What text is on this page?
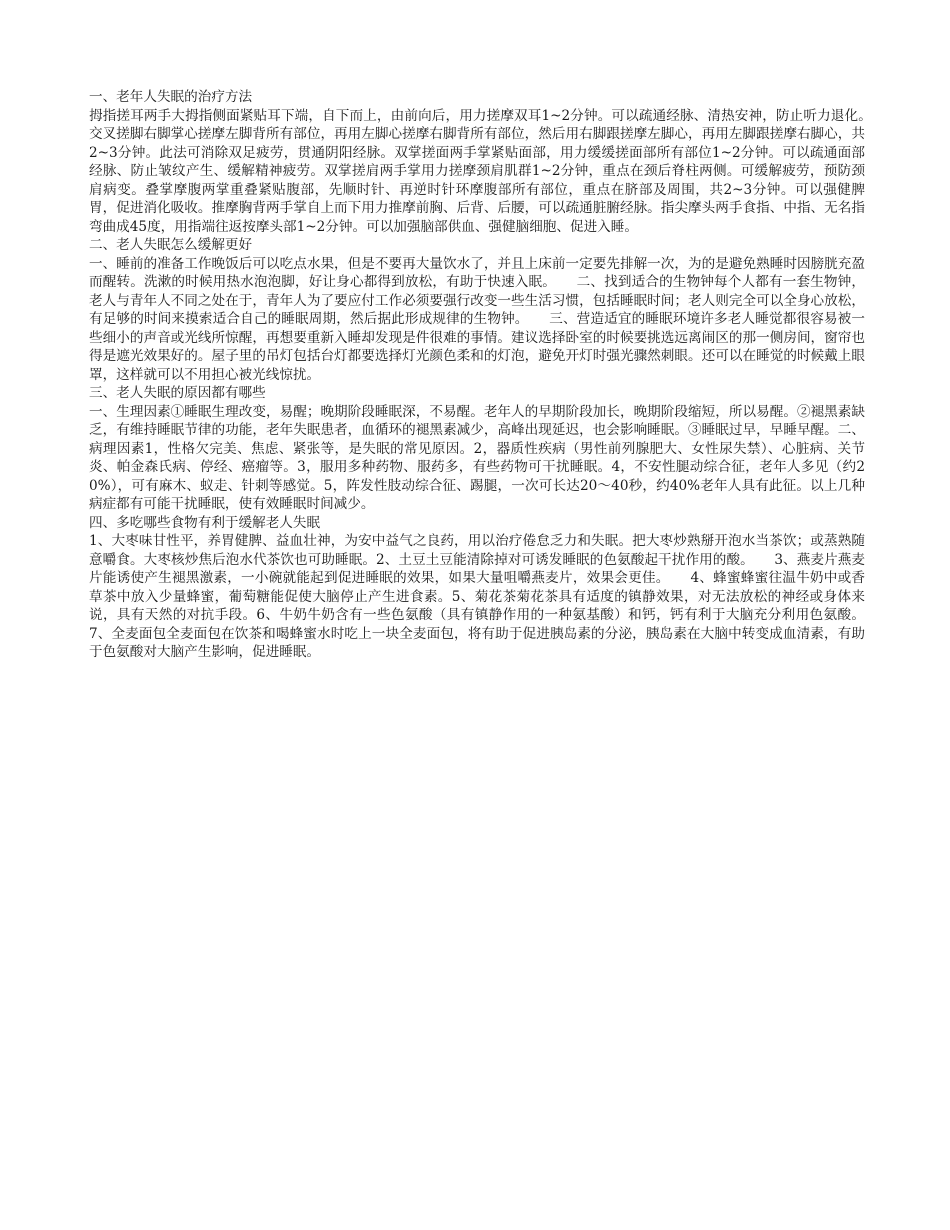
一、老年人失眠的治疗方法

拇指搓耳两手大拇指侧面紧贴耳下端，自下而上，由前向后，用力搓摩双耳1~2分钟。可以疏通经脉、清热安神，防止听力退化。　　交叉搓脚右脚掌心搓摩左脚背所有部位，再用左脚心搓摩右脚背所有部位，然后用右脚跟搓摩左脚心，再用左脚跟搓摩右脚心，共2~3分钟。此法可消除双足疲劳，贯通阴阳经脉。双掌搓面两手掌紧贴面部，用力缓缓搓面部所有部位1~2分钟。可以疏通面部经脉、防止皱纹产生、缓解精神疲劳。双掌搓肩两手掌用力搓摩颈肩肌群1~2分钟，重点在颈后脊柱两侧。可缓解疲劳，预防颈肩病变。叠掌摩腹两掌重叠紧贴腹部，先顺时针、再逆时针环摩腹部所有部位，重点在脐部及周围，共2~3分钟。可以强健脾胃，促进消化吸收。推摩胸背两手掌自上而下用力推摩前胸、后背、后腰，可以疏通脏腑经脉。指尖摩头两手食指、中指、无名指弯曲成45度，用指端往返按摩头部1~2分钟。可以加强脑部供血、强健脑细胞、促进入睡。

二、老人失眠怎么缓解更好

一、睡前的准备工作晚饭后可以吃点水果，但是不要再大量饮水了，并且上床前一定要先排解一次，为的是避免熟睡时因膀胱充盈而醒转。洗漱的时候用热水泡泡脚，好让身心都得到放松，有助于快速入眠。　　二、找到适合的生物钟每个人都有一套生物钟，老人与青年人不同之处在于，青年人为了要应付工作必须要强行改变一些生活习惯，包括睡眠时间；老人则完全可以全身心放松，有足够的时间来摸索适合自己的睡眠周期，然后据此形成规律的生物钟。　　三、营造适宜的睡眠环境许多老人睡觉都很容易被一些细小的声音或光线所惊醒，再想要重新入睡却发现是件很难的事情。建议选择卧室的时候要挑选远离闹区的那一侧房间，窗帘也得是遮光效果好的。屋子里的吊灯包括台灯都要选择灯光颜色柔和的灯泡，避免开灯时强光骤然刺眼。还可以在睡觉的时候戴上眼罩，这样就可以不用担心被光线惊扰。

三、老人失眠的原因都有哪些

一、生理因素①睡眠生理改变，易醒；晚期阶段睡眠深，不易醒。老年人的早期阶段加长，晚期阶段缩短，所以易醒。②褪黑素缺乏，有维持睡眠节律的功能，老年失眠患者，血循环的褪黑素减少，高峰出现延迟，也会影响睡眠。③睡眠过早，早睡早醒。二、病理因素1，性格欠完美、焦虑、紧张等，是失眠的常见原因。2，器质性疾病（男性前列腺肥大、女性尿失禁）、心脏病、关节炎、帕金森氏病、停经、癌瘤等。3，服用多种药物、服药多，有些药物可干扰睡眠。4，不安性腿动综合征，老年人多见（约20%），可有麻木、蚁走、针刺等感觉。5，阵发性肢动综合征、踢腿，一次可长达20～40秒，约40%老年人具有此征。以上几种病症都有可能干扰睡眠，使有效睡眠时间减少。

四、多吃哪些食物有利于缓解老人失眠

1、大枣味甘性平，养胃健脾、益血壮神，为安中益气之良药，用以治疗倦怠乏力和失眠。把大枣炒熟掰开泡水当茶饮；或蒸熟随意嚼食。大枣核炒焦后泡水代茶饮也可助睡眠。2、土豆土豆能清除掉对可诱发睡眠的色氨酸起干扰作用的酸。　　3、燕麦片燕麦片能诱使产生褪黑激素，一小碗就能起到促进睡眠的效果，如果大量咀嚼燕麦片，效果会更佳。　　4、蜂蜜蜂蜜往温牛奶中或香草茶中放入少量蜂蜜，葡萄糖能促使大脑停止产生进食素。5、菊花茶菊花茶具有适度的镇静效果，对无法放松的神经或身体来说，具有天然的对抗手段。6、牛奶牛奶含有一些色氨酸（具有镇静作用的一种氨基酸）和钙，钙有利于大脑充分利用色氨酸。7、全麦面包全麦面包在饮茶和喝蜂蜜水时吃上一块全麦面包，将有助于促进胰岛素的分泌，胰岛素在大脑中转变成血清素，有助于色氨酸对大脑产生影响，促进睡眠。
